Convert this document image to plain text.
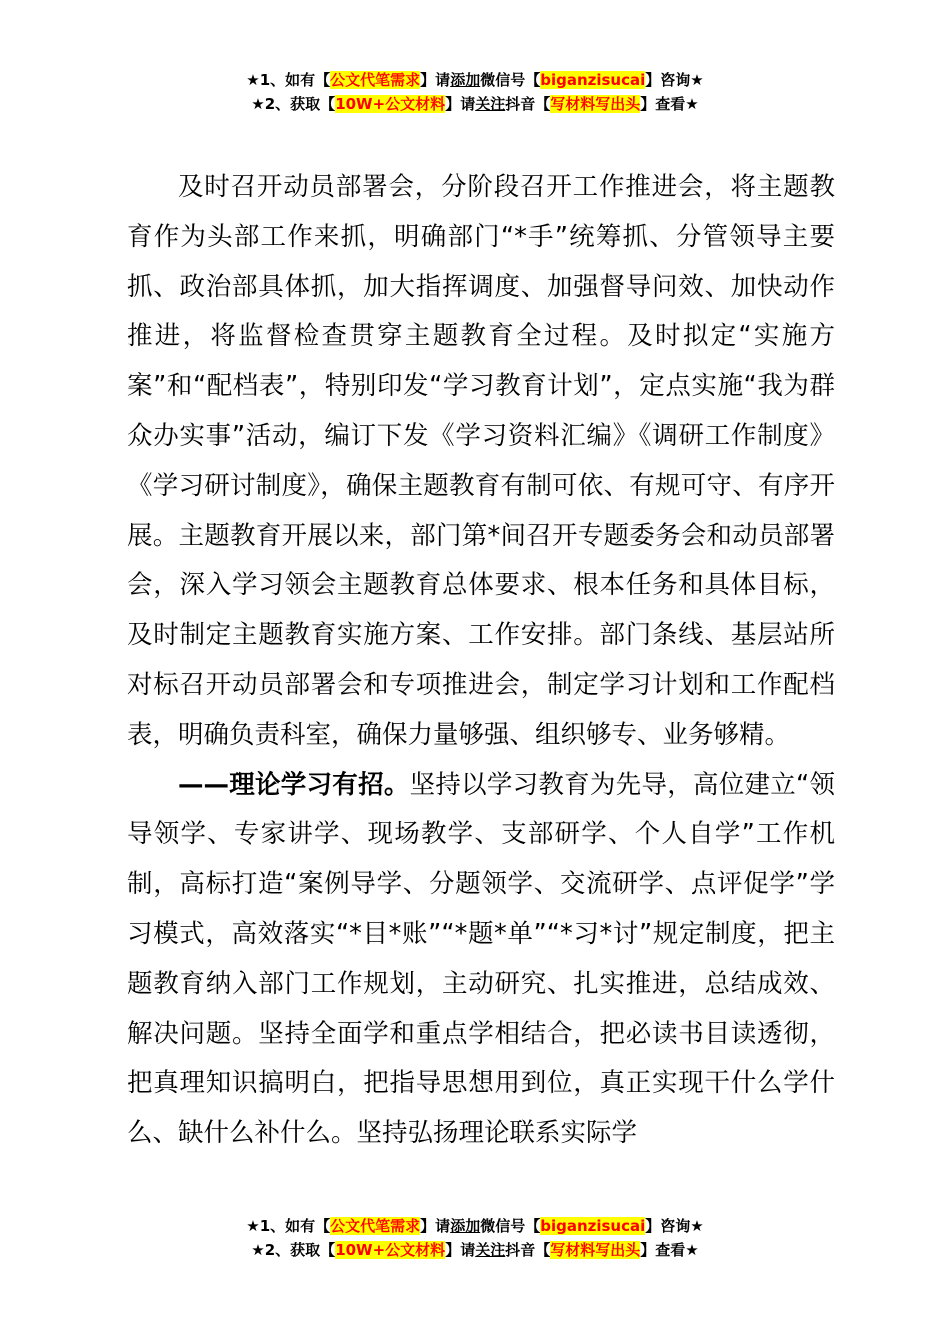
★1、如有【公文代笔需求】请添加微信号【biganzisucai】咨询★
★2、获取【10W+公文材料】请关注抖音【写材料写出头】查看★

及时召开动员部署会，分阶段召开工作推进会，将主题教育作为头部工作来抓，明确部门“*手”统筹抓、分管领导主要抓、政治部具体抓，加大指挥调度、加强督导问效、加快动作推进，将监督检查贯穿主题教育全过程。及时拟定“实施方案”和“配档表”，特别印发“学习教育计划”，定点实施“我为群众办实事”活动，编订下发《学习资料汇编》《调研工作制度》《学习研讨制度》，确保主题教育有制可依、有规可守、有序开展。主题教育开展以来，部门第*间召开专题委务会和动员部署会，深入学习领会主题教育总体要求、根本任务和具体目标，及时制定主题教育实施方案、工作安排。部门条线、基层站所对标召开动员部署会和专项推进会，制定学习计划和工作配档表，明确负责科室，确保力量够强、组织够专、业务够精。

——理论学习有招。坚持以学习教育为先导，高位建立“领导领学、专家讲学、现场教学、支部研学、个人自学”工作机制，高标打造“案例导学、分题领学、交流研学、点评促学”学习模式，高效落实“*目*账”“*题*单”“*习*讨”规定制度，把主题教育纳入部门工作规划，主动研究、扎实推进，总结成效、解决问题。坚持全面学和重点学相结合，把必读书目读透彻，把真理知识搞明白，把指导思想用到位，真正实现干什么学什么、缺什么补什么。坚持弘扬理论联系实际学

★1、如有【公文代笔需求】请添加微信号【biganzisucai】咨询★
★2、获取【10W+公文材料】请关注抖音【写材料写出头】查看★
